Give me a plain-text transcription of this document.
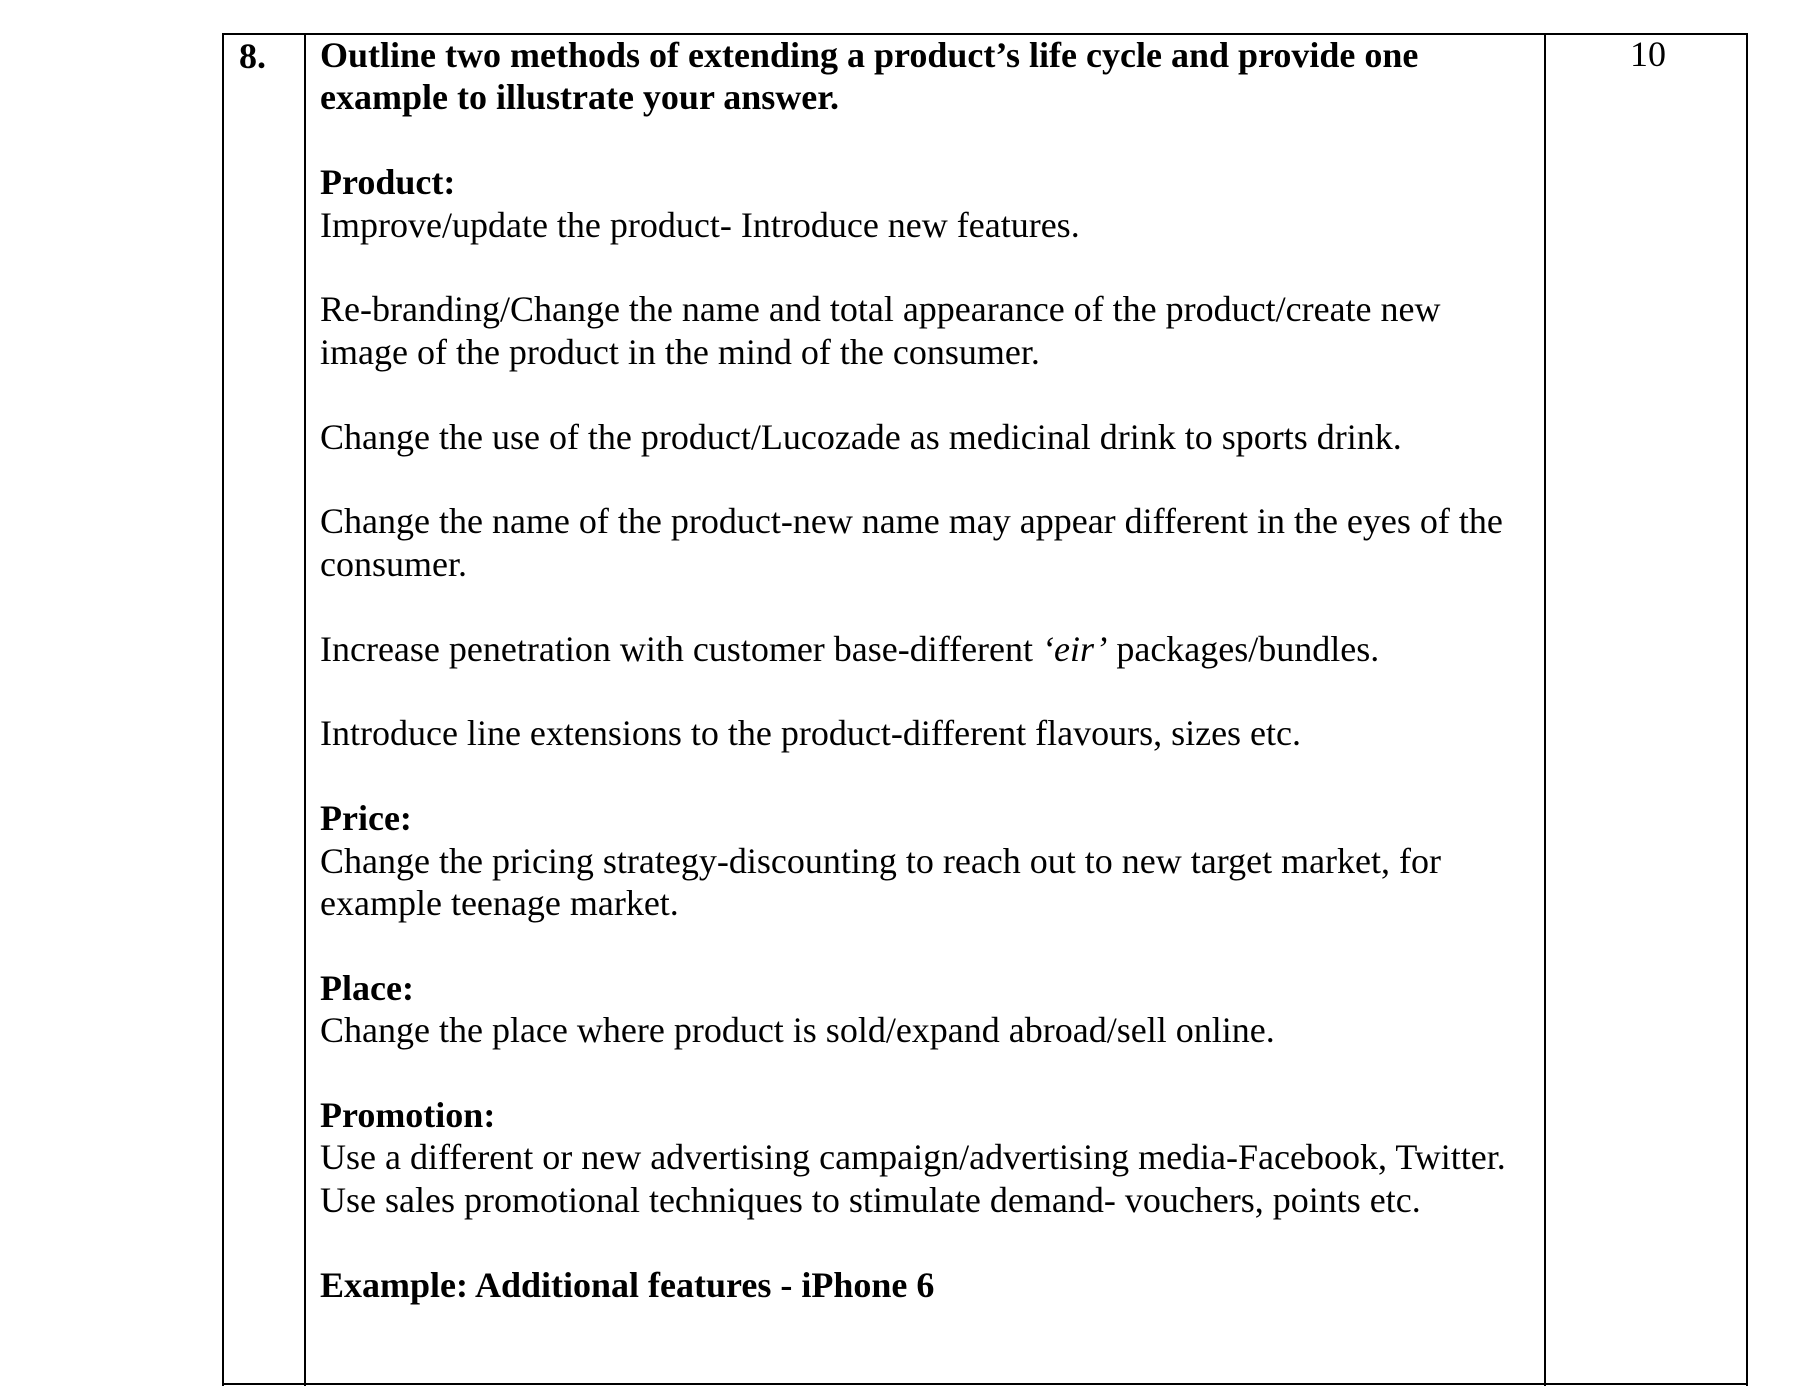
8.	10

Outline two methods of extending a product’s life cycle and provide one example to illustrate your answer.

Product:

Improve/update the product- Introduce new features.

Re-branding/Change the name and total appearance of the product/create new image of the product in the mind of the consumer.

Change the use of the product/Lucozade as medicinal drink to sports drink.

Change the name of the product-new name may appear different in the eyes of the consumer.

Increase penetration with customer base-different ‘eir’ packages/bundles.

Introduce line extensions to the product-different flavours, sizes etc.

Price:

Change the pricing strategy-discounting to reach out to new target market, for example teenage market.

Place:

Change the place where product is sold/expand abroad/sell online.

Promotion:

Use a different or new advertising campaign/advertising media-Facebook, Twitter. Use sales promotional techniques to stimulate demand- vouchers, points etc.

Example: Additional features - iPhone 6
